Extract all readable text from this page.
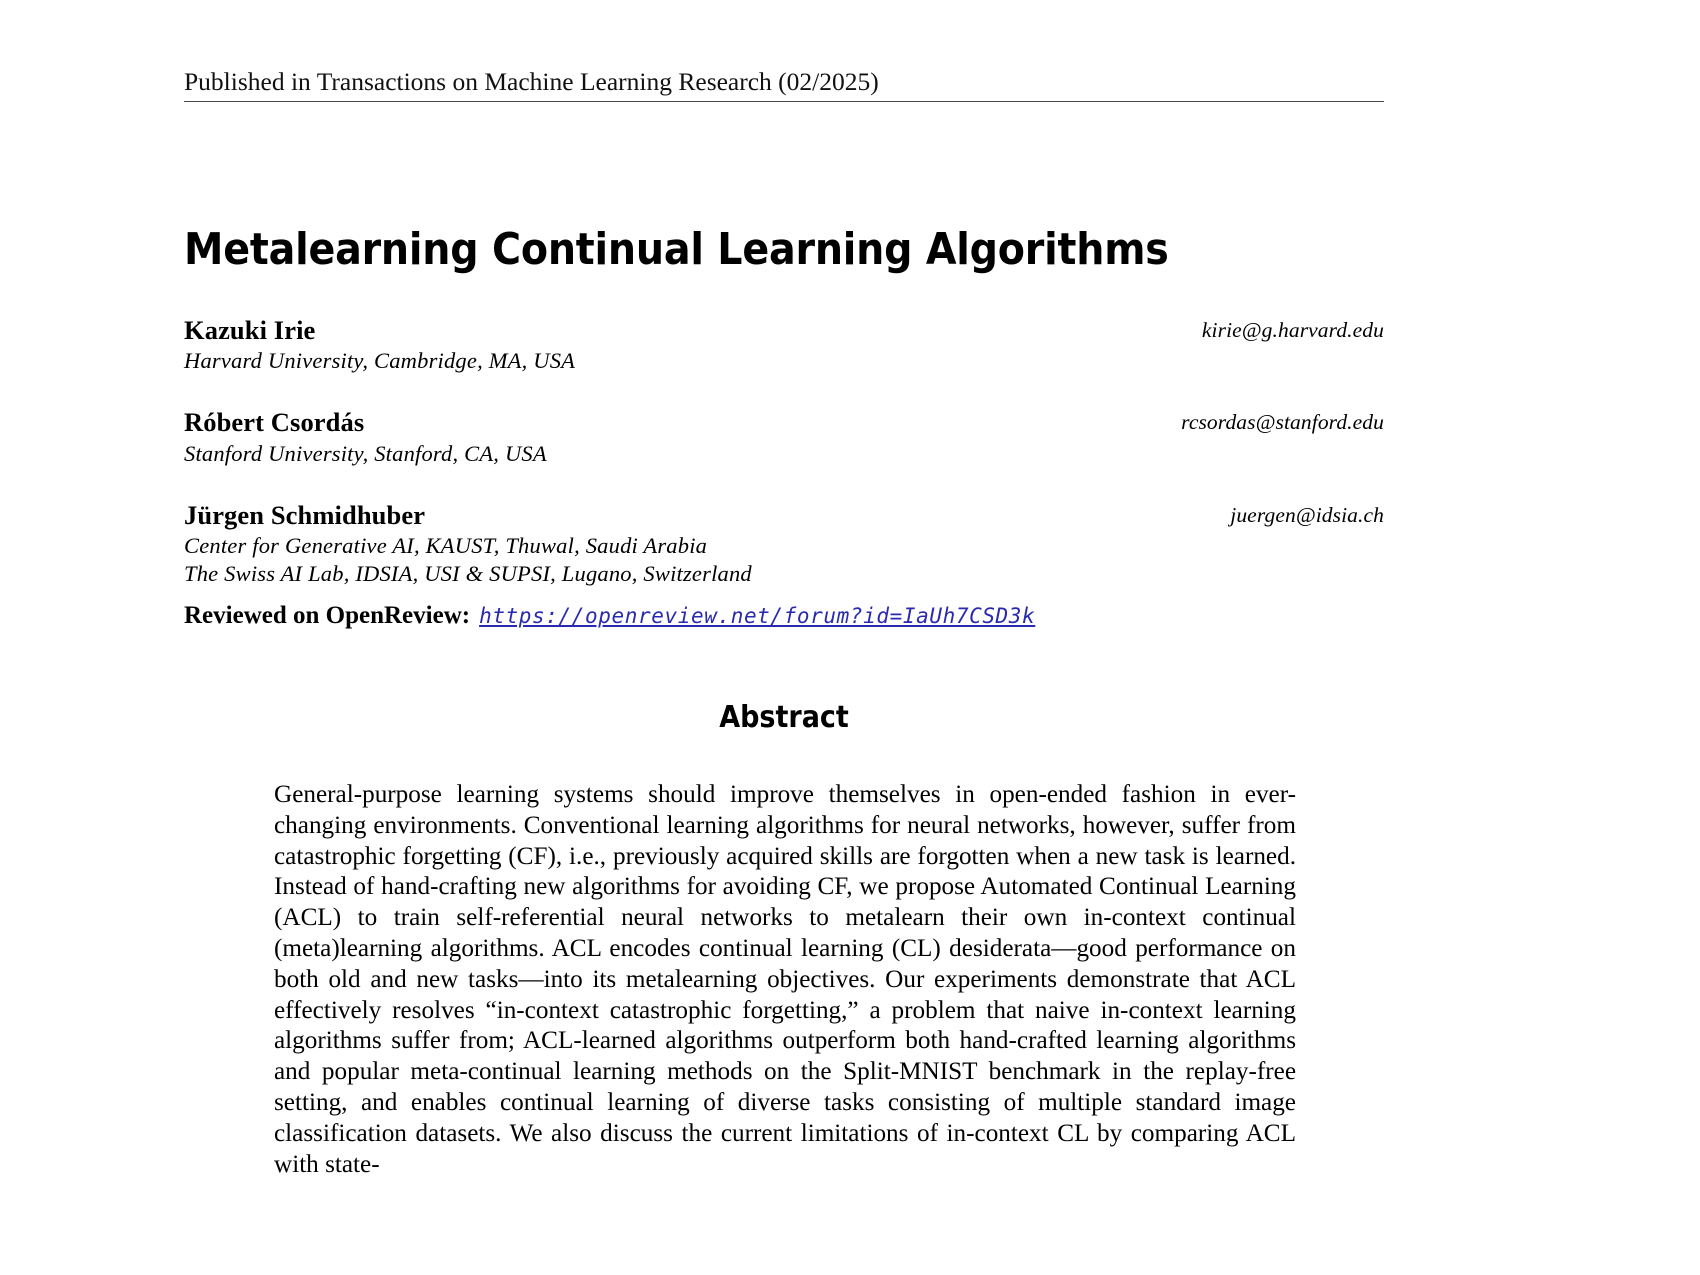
Published in Transactions on Machine Learning Research (02/2025)
Metalearning Continual Learning Algorithms
Kazuki Irie	kirie@g.harvard.edu
Harvard University, Cambridge, MA, USA
Róbert Csordás	rcsordas@stanford.edu
Stanford University, Stanford, CA, USA
Jürgen Schmidhuber	juergen@idsia.ch
Center for Generative AI, KAUST, Thuwal, Saudi Arabia
The Swiss AI Lab, IDSIA, USI & SUPSI, Lugano, Switzerland
Reviewed on OpenReview: https://openreview.net/forum?id=IaUh7CSD3k
Abstract

General-purpose learning systems should improve themselves in open-ended fashion in ever-changing environments. Conventional learning algorithms for neural networks, however, suffer from catastrophic forgetting (CF), i.e., previously acquired skills are forgotten when a new task is learned. Instead of hand-crafting new algorithms for avoiding CF, we propose Automated Continual Learning (ACL) to train self-referential neural networks to metalearn their own in-context continual (meta)learning algorithms. ACL encodes continual learning (CL) desiderata—good performance on both old and new tasks—into its metalearning objectives. Our experiments demonstrate that ACL effectively resolves “in-context catastrophic forgetting,” a problem that naive in-context learning algorithms suffer from; ACL-learned algorithms outperform both hand-crafted learning algorithms and popular meta-continual learning methods on the Split-MNIST benchmark in the replay-free setting, and enables continual learning of diverse tasks consisting of multiple standard image classification datasets. We also discuss the current limitations of in-context CL by comparing ACL with state-
